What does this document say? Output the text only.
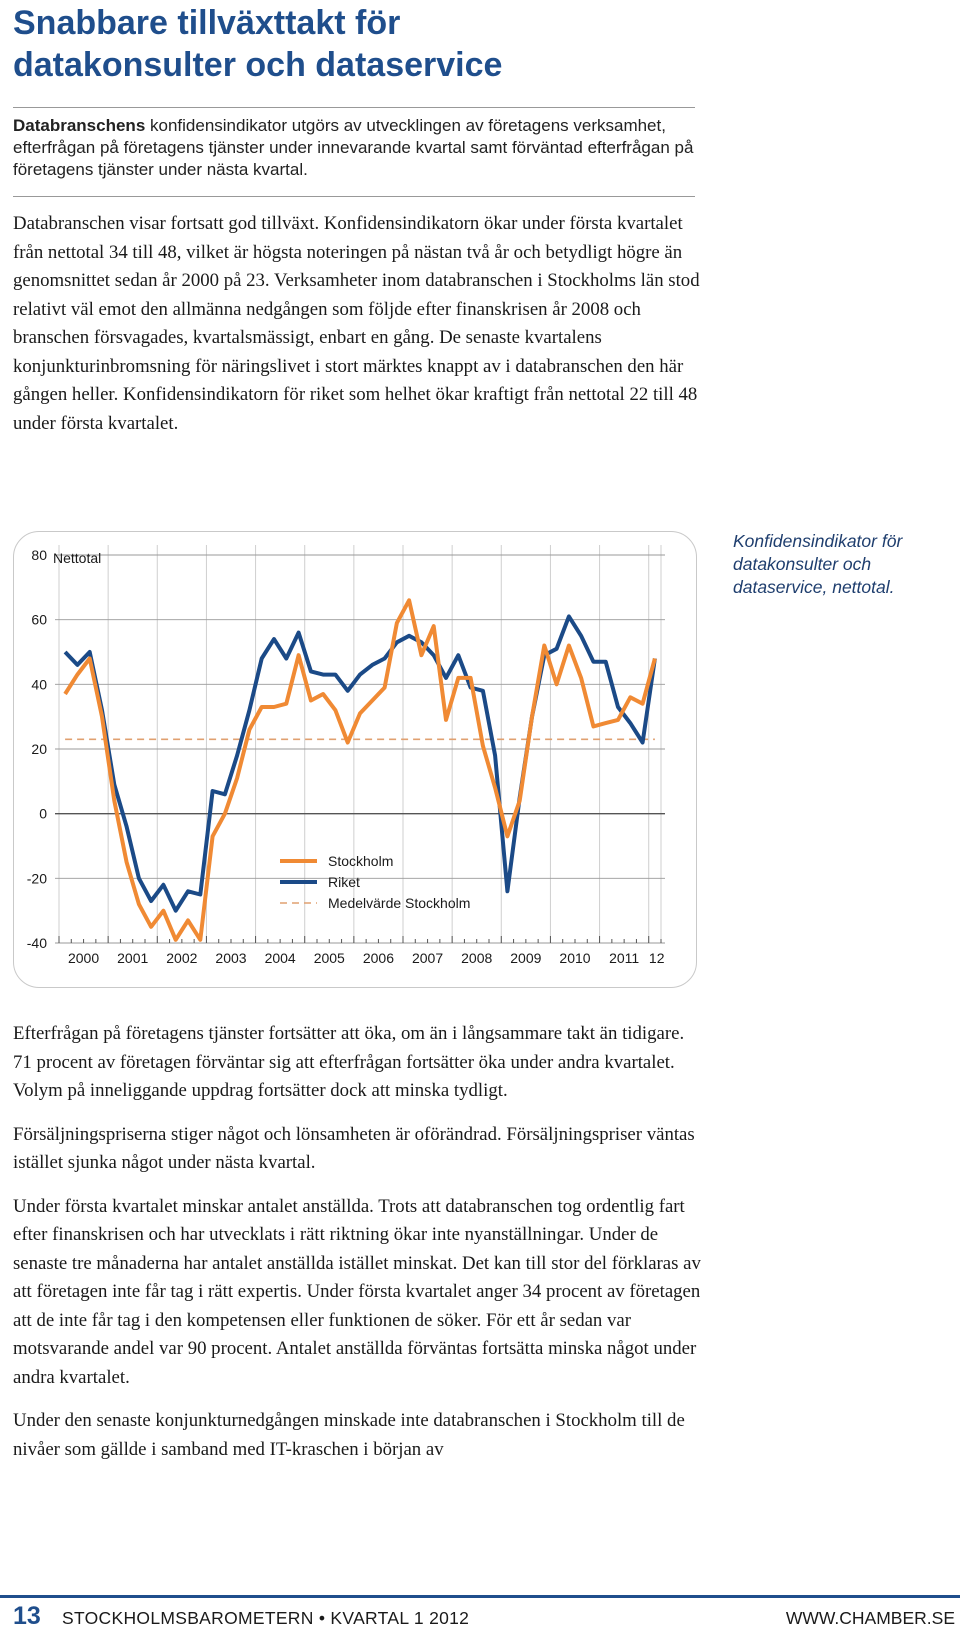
Snabbare tillväxttakt för
datakonsulter och dataservice
Databranschens konfidensindikator utgörs av utvecklingen av företagens verksamhet, efterfrågan på företagens tjänster under innevarande kvartal samt förväntad efterfrågan på företagens tjänster under nästa kvartal.
Databranschen visar fortsatt god tillväxt. Konfidensindikatorn ökar under första kvartalet från nettotal 34 till 48, vilket är högsta noteringen på nästan två år och betydligt högre än genomsnittet sedan år 2000 på 23. Verksamheter inom databranschen i Stockholms län stod relativt väl emot den allmänna nedgången som följde efter finanskrisen år 2008 och branschen försvagades, kvartalsmässigt, enbart en gång. De senaste kvartalens konjunkturinbromsning för näringslivet i stort märktes knappt av i databranschen den här gången heller. Konfidensindikatorn för riket som helhet ökar kraftigt från nettotal 22 till 48 under första kvartalet.
80
60
40
20
0
-20
-40
2000 2001 2002 2003 2004 2005 2006 2007 2008 2009 2010 2011 12
Stockholm
Riket
Medelvärde Stockholm
Nettotal
Konfidensindikator för datakonsulter och dataservice, nettotal.

Efterfrågan på företagens tjänster fortsätter att öka, om än i långsammare takt än tidigare. 71 procent av företagen förväntar sig att efterfrågan fortsätter öka under andra kvartalet. Volym på inneliggande uppdrag fortsätter dock att minska tydligt.

Försäljningspriserna stiger något och lönsamheten är oförändrad. Försäljningspriser väntas istället sjunka något under nästa kvartal.

Under första kvartalet minskar antalet anställda. Trots att databranschen tog ordentlig fart efter finanskrisen och har utvecklats i rätt riktning ökar inte nyanställningar. Under de senaste tre månaderna har antalet anställda istället minskat. Det kan till stor del förklaras av att företagen inte får tag i rätt expertis. Under första kvartalet anger 34 procent av företagen att de inte får tag i den kompetensen eller funktionen de söker. För ett år sedan var motsvarande andel var 90 procent. Antalet anställda förväntas fortsätta minska något under andra kvartalet.

Under den senaste konjunkturnedgången minskade inte databranschen i Stockholm till de nivåer som gällde i samband med IT-kraschen i början av

13 STOCKHOLMSBAROMETERN • KVARTAL 1 2012	WWW.CHAMBER.SE
